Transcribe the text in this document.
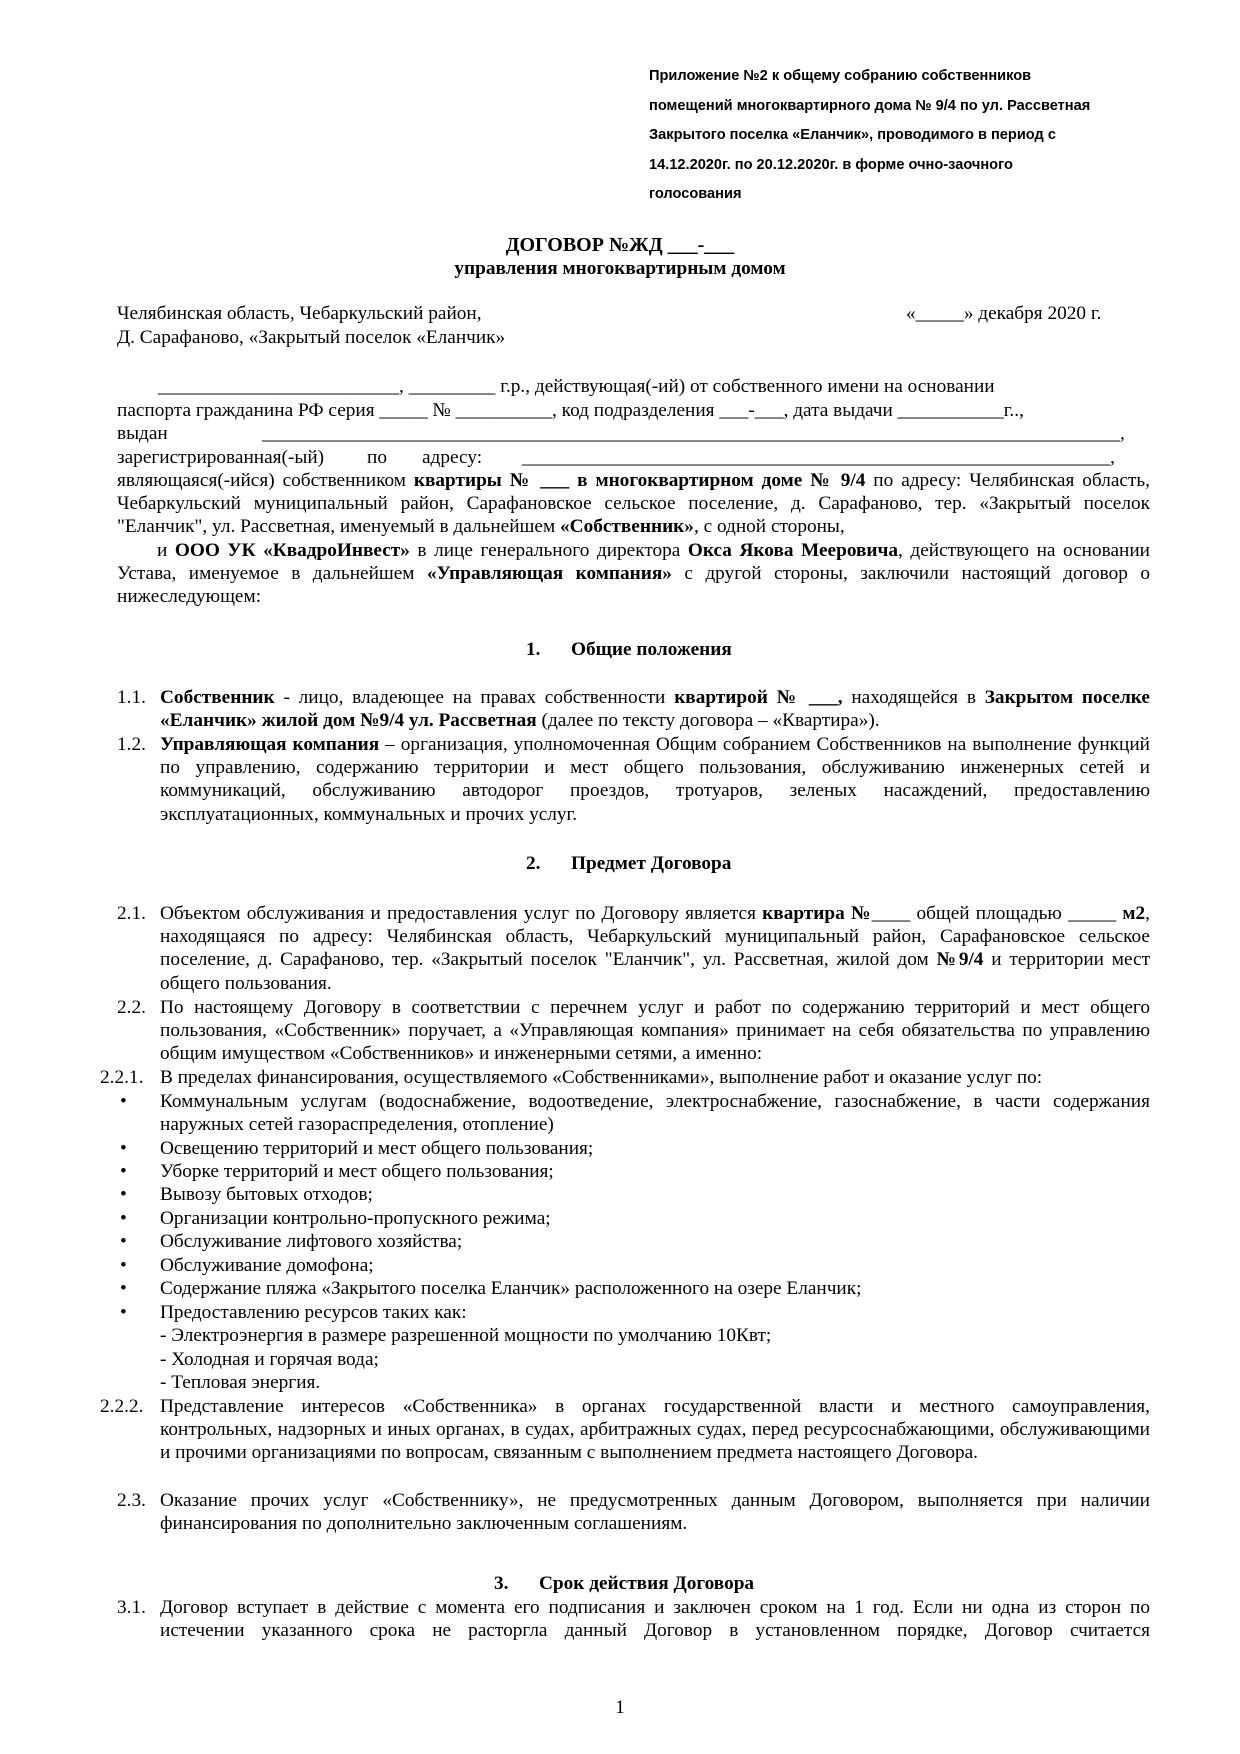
Приложение №2 к общему собранию собственников
помещений многоквартирного дома № 9/4 по ул. Рассветная
Закрытого поселка «Еланчик», проводимого в период с
14.12.2020г. по 20.12.2020г. в форме очно-заочного
голосования
ДОГОВОР №ЖД ___-___
управления многоквартирным домом
Челябинская область, Чебаркульский район,
Д. Сарафаново, «Закрытый поселок «Еланчик»
«_____» декабря 2020 г.
_________________________, _________ г.р., действующая(-ий) от собственного имени на основании
паспорта гражданина РФ серия _____ № __________, код подразделения ___-___, дата выдачи ___________г..,
выдан	_________________________________________________________________________________________,
зарегистрированная(-ый) по адресу: _____________________________________________________________,
являющаяся(-ийся) собственником квартиры № ___ в многоквартирном доме № 9/4 по адресу: Челябинская область, Чебаркульский муниципальный район, Сарафановское сельское поселение, д. Сарафаново, тер. «Закрытый поселок "Еланчик", ул. Рассветная, именуемый в дальнейшем «Собственник», с одной стороны,
и ООО УК «КвадроИнвест» в лице генерального директора Окса Якова Мееровича, действующего на основании Устава, именуемое в дальнейшем «Управляющая компания» с другой стороны, заключили настоящий договор о нижеследующем:
1. Общие положения
1.1. Собственник - лицо, владеющее на правах собственности квартирой № ___, находящейся в Закрытом поселке «Еланчик» жилой дом №9/4 ул. Рассветная (далее по тексту договора – «Квартира»).
1.2. Управляющая компания – организация, уполномоченная Общим собранием Собственников на выполнение функций по управлению, содержанию территории и мест общего пользования, обслуживанию инженерных сетей и коммуникаций, обслуживанию автодорог проездов, тротуаров, зеленых насаждений, предоставлению эксплуатационных, коммунальных и прочих услуг.
2. Предмет Договора
2.1. Объектом обслуживания и предоставления услуг по Договору является квартира №____ общей площадью _____ м2, находящаяся по адресу: Челябинская область, Чебаркульский муниципальный район, Сарафановское сельское поселение, д. Сарафаново, тер. «Закрытый поселок "Еланчик", ул. Рассветная, жилой дом №9/4 и территории мест общего пользования.
2.2. По настоящему Договору в соответствии с перечнем услуг и работ по содержанию территорий и мест общего пользования, «Собственник» поручает, а «Управляющая компания» принимает на себя обязательства по управлению общим имуществом «Собственников» и инженерными сетями, а именно:
2.2.1. В пределах финансирования, осуществляемого «Собственниками», выполнение работ и оказание услуг по:
• Коммунальным услугам (водоснабжение, водоотведение, электроснабжение, газоснабжение, в части содержания наружных сетей газораспределения, отопление)
• Освещению территорий и мест общего пользования;
• Уборке территорий и мест общего пользования;
• Вывозу бытовых отходов;
• Организации контрольно-пропускного режима;
• Обслуживание лифтового хозяйства;
• Обслуживание домофона;
• Содержание пляжа «Закрытого поселка Еланчик» расположенного на озере Еланчик;
• Предоставлению ресурсов таких как:
- Электроэнергия в размере разрешенной мощности по умолчанию 10Квт;
- Холодная и горячая вода;
- Тепловая энергия.
2.2.2. Представление интересов «Собственника» в органах государственной власти и местного самоуправления, контрольных, надзорных и иных органах, в судах, арбитражных судах, перед ресурсоснабжающими, обслуживающими и прочими организациями по вопросам, связанным с выполнением предмета настоящего Договора.
2.3. Оказание прочих услуг «Собственнику», не предусмотренных данным Договором, выполняется при наличии финансирования по дополнительно заключенным соглашениям.
3. Срок действия Договора
3.1. Договор вступает в действие с момента его подписания и заключен сроком на 1 год. Если ни одна из сторон по истечении указанного срока не расторгла данный Договор в установленном порядке, Договор считается
1
